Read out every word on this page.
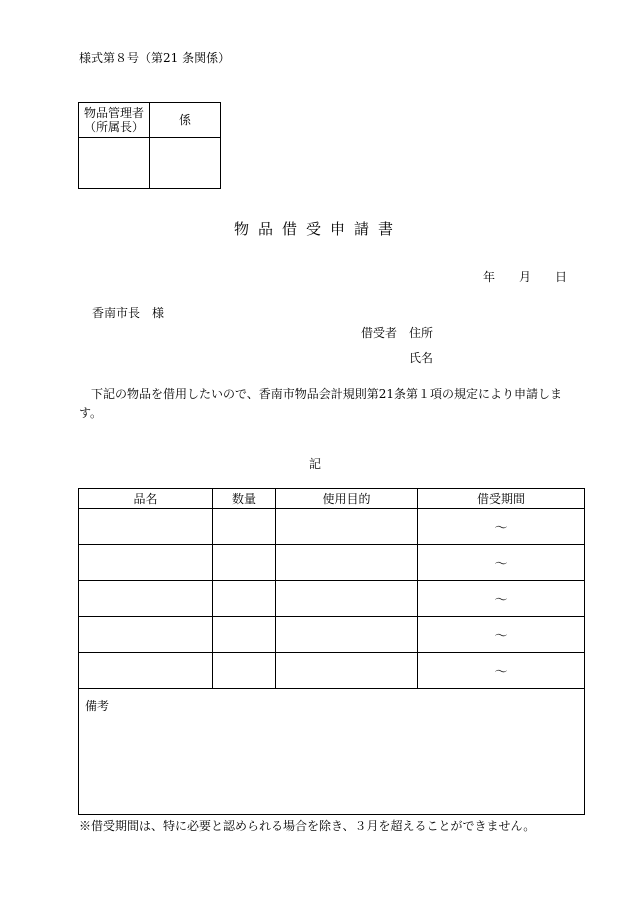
様式第８号（第21 条関係）
物品管理者
（所属長）	係

物品借受申請書
年 月 日
香南市長　様
借受者　住所
氏名
下記の物品を借用したいので、香南市物品会計規則第21条第１項の規定により申請します。
記
品名	数量	使用目的	借受期間
			～
			～
			～
			～
			～
備考			
※借受期間は、特に必要と認められる場合を除き、３月を超えることができません。
